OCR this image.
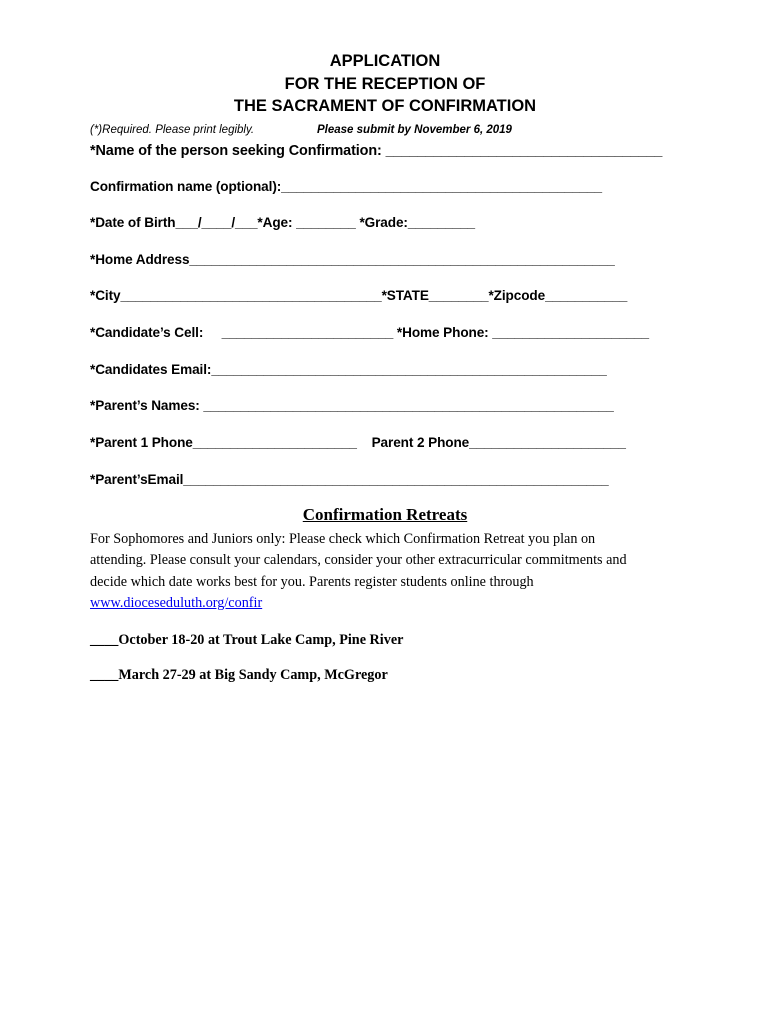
APPLICATION
FOR THE RECEPTION OF
THE SACRAMENT OF CONFIRMATION
(*)Required. Please print legibly.	Please submit by November 6, 2019
*Name of the person seeking Confirmation: ___________________________________
Confirmation name (optional):___________________________________________
*Date of Birth___/____/___*Age: ________ *Grade:_________
*Home Address_________________________________________________________
*City___________________________________*STATE________*Zipcode___________
*Candidate’s Cell:     _______________________ *Home Phone: _____________________
*Candidates Email:_____________________________________________________
*Parent’s Names: _______________________________________________________
*Parent 1 Phone______________________    Parent 2 Phone_____________________
*Parent’sEmail_________________________________________________________
Confirmation Retreats
For Sophomores and Juniors only: Please check which Confirmation Retreat you plan on
attending. Please consult your calendars, consider your other extracurricular commitments and
decide which date works best for you. Parents register students online through
www.dioceseduluth.org/confir
____October 18-20 at Trout Lake Camp, Pine River
____March 27-29 at Big Sandy Camp, McGregor
